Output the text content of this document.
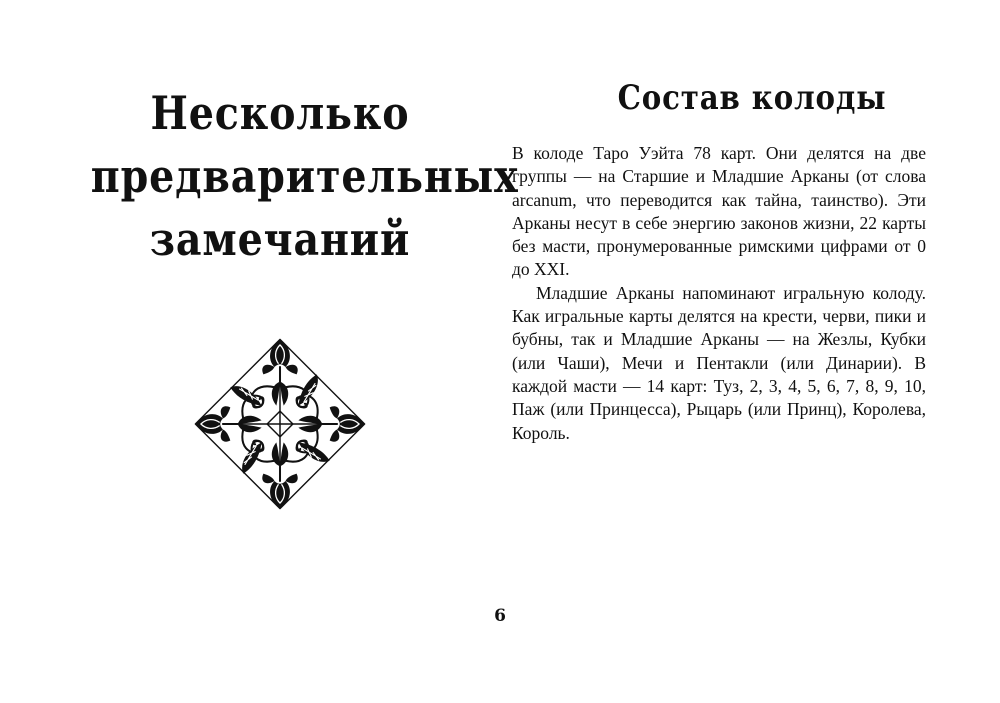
Несколько
предварительных
замечаний
Состав колоды

В колоде Таро Уэйта 78 карт. Они делятся на две группы — на Старшие и Младшие Арканы (от слова arcanum, что переводится как тайна, таинство). Эти Арканы несут в себе энергию законов жизни, 22 карты без масти, пронумерованные римскими цифрами от 0 до XXI.

Младшие Арканы напоминают игральную колоду. Как игральные карты делятся на крести, черви, пики и бубны, так и Младшие Арканы — на Жезлы, Кубки (или Чаши), Мечи и Пентакли (или Динарии). В каждой масти — 14 карт: Туз, 2, 3, 4, 5, 6, 7, 8, 9, 10, Паж (или Принцесса), Рыцарь (или Принц), Королева, Король.

6
